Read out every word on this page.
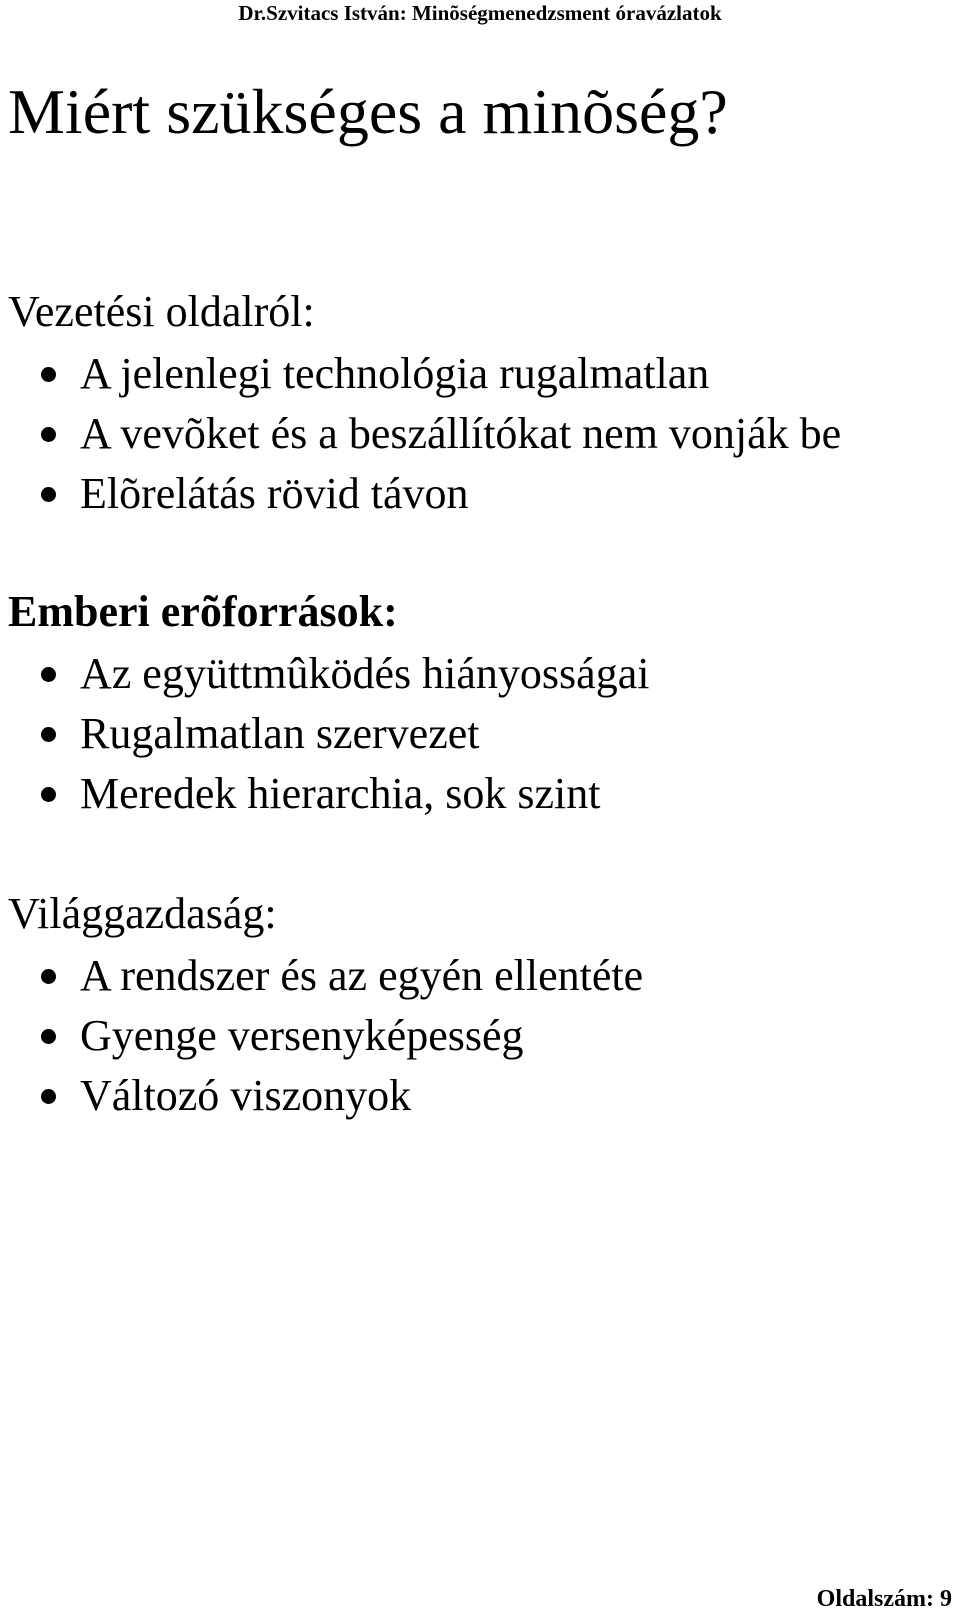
Dr.Szvitacs István: Minõségmenedzsment óravázlatok
Miért szükséges a minõség?
Vezetési oldalról:
A jelenlegi technológia rugalmatlan
A vevõket és a beszállítókat nem vonják be
Elõrelátás rövid távon
Emberi erõforrások:
Az együttmûködés hiányosságai
Rugalmatlan szervezet
Meredek hierarchia, sok szint
Világgazdaság:
A rendszer és az egyén ellentéte
Gyenge versenyképesség
Változó viszonyok
Oldalszám: 9
